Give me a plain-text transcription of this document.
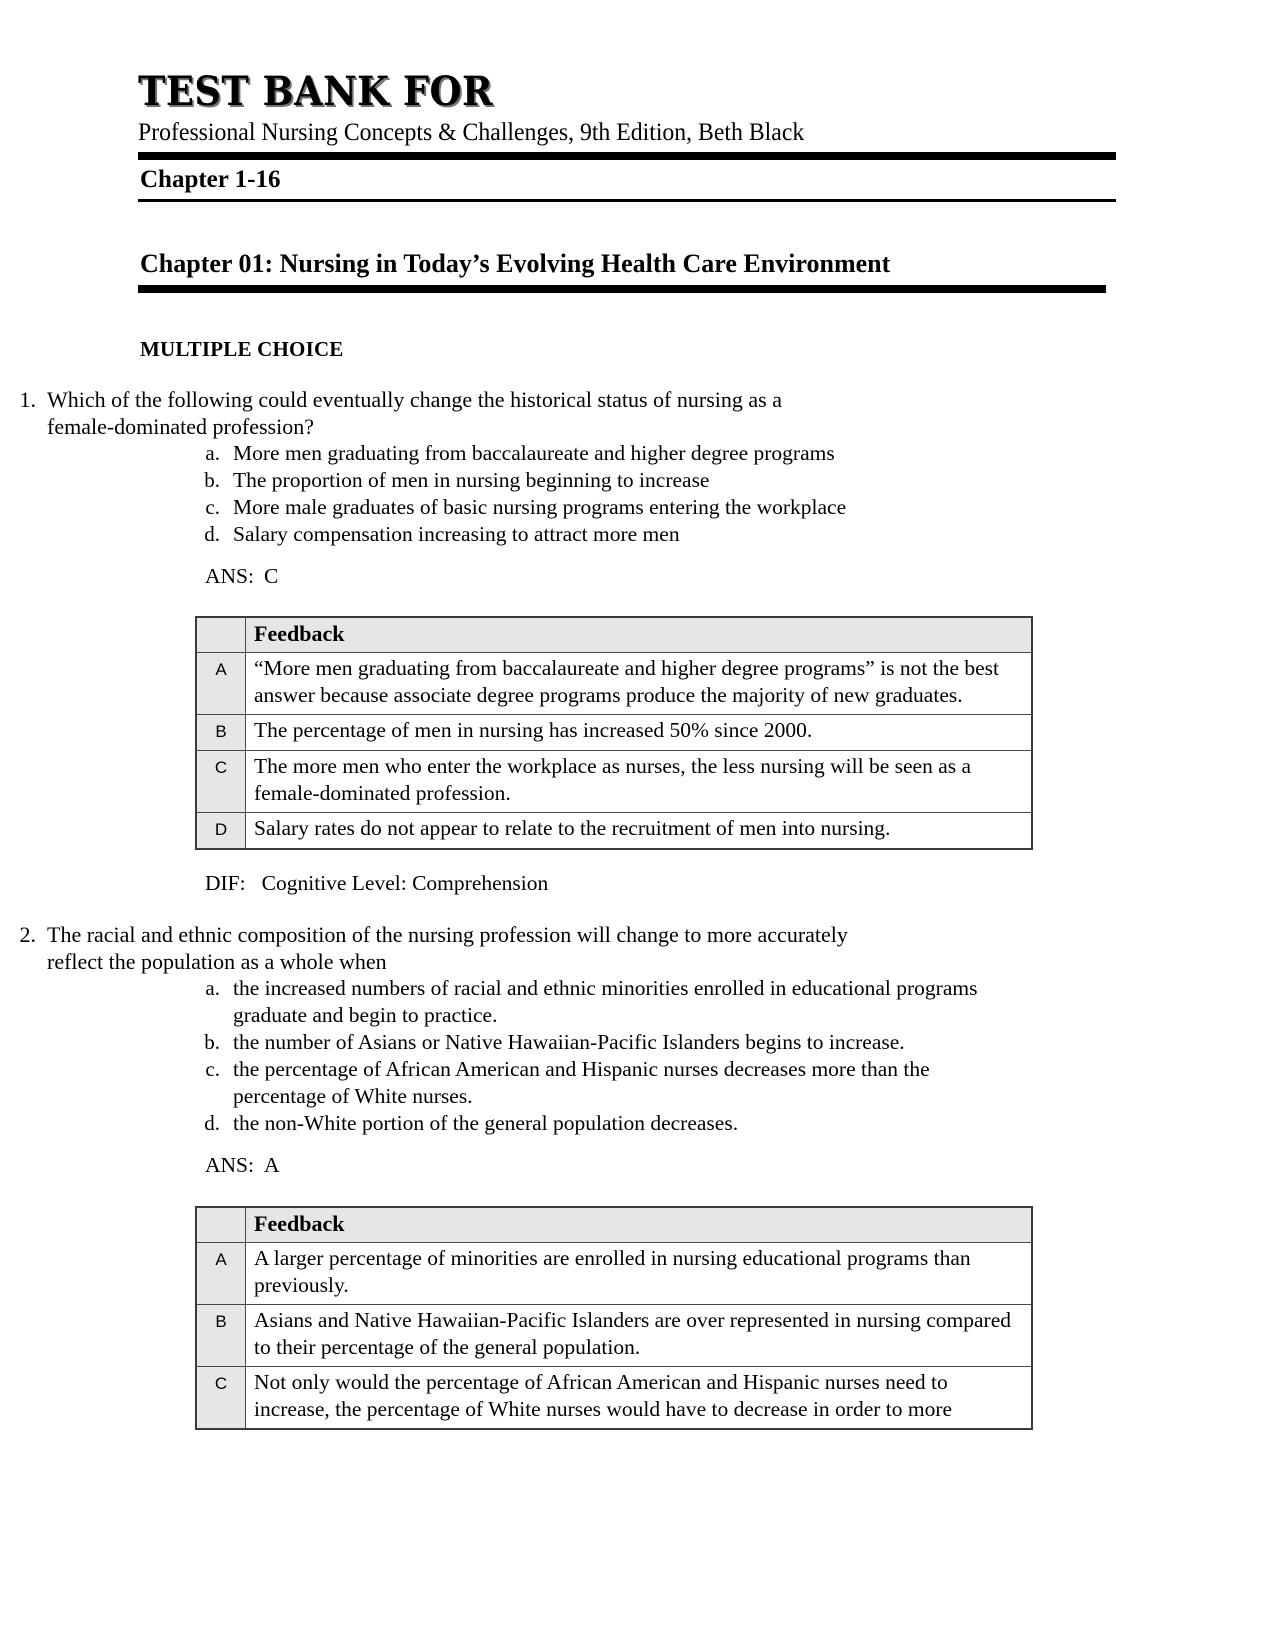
TEST BANK FOR
Professional Nursing Concepts & Challenges, 9th Edition, Beth Black
Chapter 1-16
Chapter 01: Nursing in Today’s Evolving Health Care Environment
MULTIPLE CHOICE
1. Which of the following could eventually change the historical status of nursing as a
female-dominated profession?
a. More men graduating from baccalaureate and higher degree programs
b. The proportion of men in nursing beginning to increase
c. More male graduates of basic nursing programs entering the workplace
d. Salary compensation increasing to attract more men
ANS: C
	Feedback
A	“More men graduating from baccalaureate and higher degree programs” is not the best answer because associate degree programs produce the majority of new graduates.
B	The percentage of men in nursing has increased 50% since 2000.
C	The more men who enter the workplace as nurses, the less nursing will be seen as a female-dominated profession.
D	Salary rates do not appear to relate to the recruitment of men into nursing.
DIF: Cognitive Level: Comprehension
2. The racial and ethnic composition of the nursing profession will change to more accurately
reflect the population as a whole when
a. the increased numbers of racial and ethnic minorities enrolled in educational programs graduate and begin to practice.
b. the number of Asians or Native Hawaiian-Pacific Islanders begins to increase.
c. the percentage of African American and Hispanic nurses decreases more than the percentage of White nurses.
d. the non-White portion of the general population decreases.
ANS: A
	Feedback
A	A larger percentage of minorities are enrolled in nursing educational programs than previously.
B	Asians and Native Hawaiian-Pacific Islanders are over represented in nursing compared to their percentage of the general population.
C	Not only would the percentage of African American and Hispanic nurses need to increase, the percentage of White nurses would have to decrease in order to more
